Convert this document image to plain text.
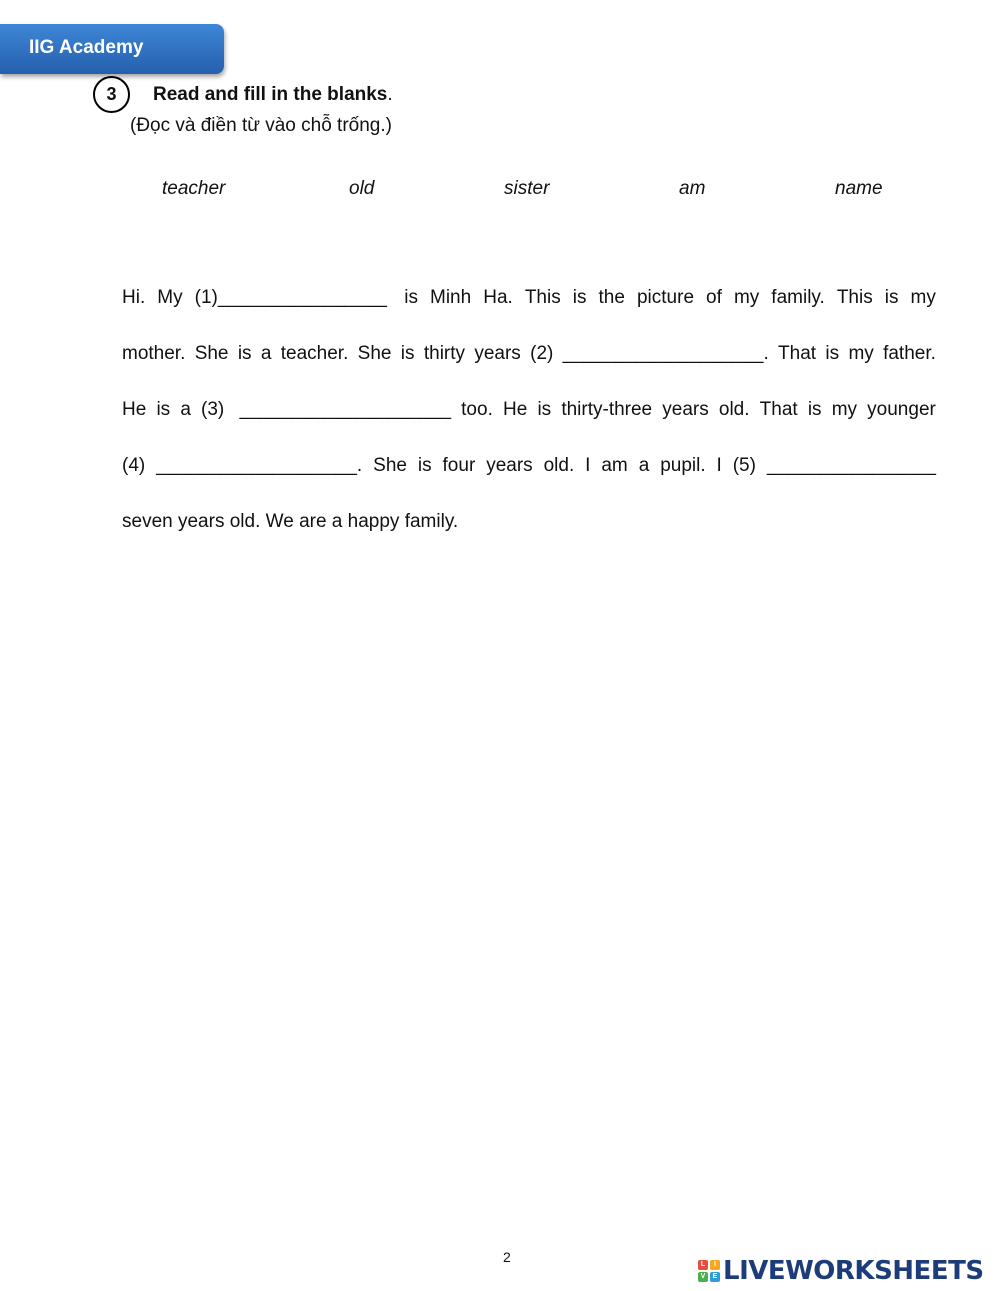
IIG Academy
3	Read and fill in the blanks.
(Đọc và điền từ vào chỗ trống.)
teacher	old	sister	am	name
Hi. My (1)________________ is Minh Ha. This is the picture of my family. This is my
mother. She is a teacher. She is thirty years (2) ___________________. That is my father.
He is a (3) ____________________ too. He is thirty-three years old. That is my younger
(4) ___________________. She is four years old. I am a pupil. I (5) ________________
seven years old. We are a happy family.
2	L	I
V	E LIVEWORKSHEETS
